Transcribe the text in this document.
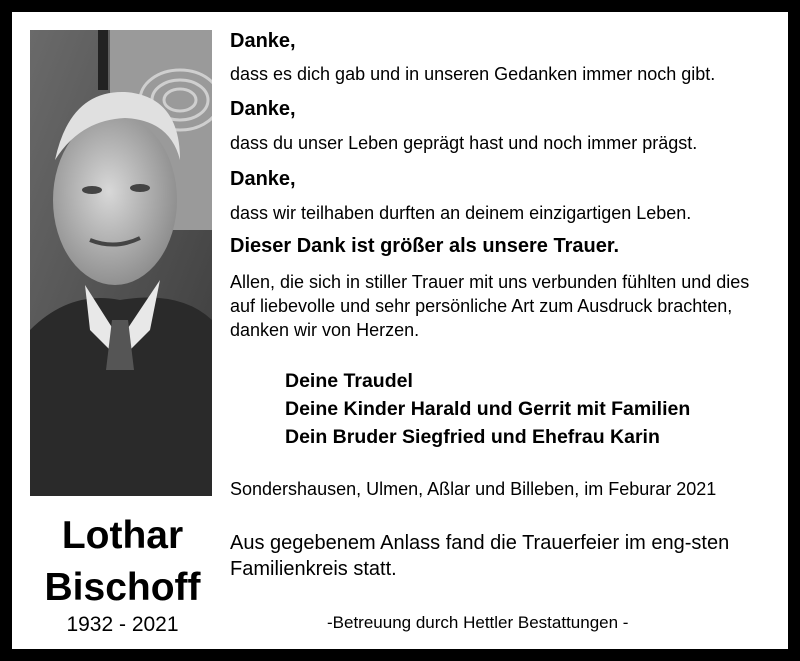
Lothar
Bischoff
1932 - 2021
Danke,
dass es dich gab und in unseren Gedanken immer noch gibt.
Danke,
dass du unser Leben geprägt hast und noch immer prägst.
Danke,
dass wir teilhaben durften an deinem einzigartigen Leben.
Dieser Dank ist größer als unsere Trauer.
Allen, die sich in stiller Trauer mit uns verbunden fühlten und dies auf liebevolle und sehr persönliche Art zum Ausdruck brachten, danken wir von Herzen.
Deine Traudel
Deine Kinder Harald und Gerrit mit Familien
Dein Bruder Siegfried und Ehefrau Karin
Sondershausen, Ulmen, Aßlar und Billeben, im Feburar 2021
Aus gegebenem Anlass fand die Trauerfeier im eng-sten Familienkreis statt.
-Betreuung durch Hettler Bestattungen -
